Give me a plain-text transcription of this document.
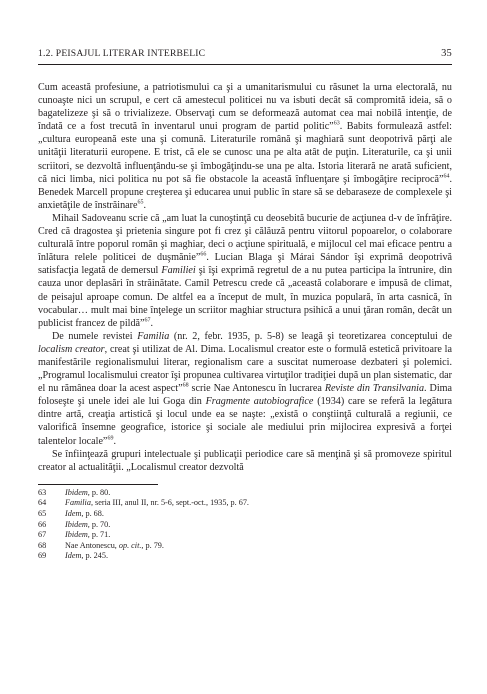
1.2. PEISAJUL LITERAR INTERBELIC	35

Cum această profesiune, a patriotismului ca şi a umanitarismului cu răsunet la urna electorală, nu cunoaşte nici un scrupul, e cert că amestecul politicei nu va isbuti decât să compromită ideia, să o bagatelizeze şi să o trivializeze. Observaţi cum se deformează automat cea mai nobilă intenţie, de îndată ce a fost trecută în inventarul unui program de partid politic”$^{63}$. Babits formulează astfel: „cultura europeană este una şi comună. Literaturile română şi maghiară sunt deopotrivă părţi ale unităţii literaturii europene. E trist, că ele se cunosc una pe alta atât de puţin. Literaturile, ca şi unii scriitori, se dezvoltă influenţându-se şi îmbogăţindu-se una pe alta. Istoria literară ne arată suficient, că nici limba, nici politica nu pot să fie obstacole la această înfluenţare şi îmbogăţire reciprocă”$^{64}$. Benedek Marcell propune creşterea şi educarea unui public în stare să se debaraseze de complexele şi anxietăţile de înstrăinare$^{65}$.

Mihail Sadoveanu scrie că „am luat la cunoştinţă cu deosebită bucurie de acţiunea d-v de înfrăţire. Cred că dragostea şi prietenia singure pot fi crez şi călăuză pentru viitorul popoarelor, o colaborare culturală între poporul român şi maghiar, deci o acţiune spirituală, e mijlocul cel mai eficace pentru a înlătura relele politicei de duşmănie”$^{66}$. Lucian Blaga şi Márai Sándor îşi exprimă deopotrivă satisfacţia legată de demersul Familiei şi îşi exprimă regretul de a nu putea participa la întrunire, din cauza unor deplasări în străinătate. Camil Petrescu crede că „această colaborare e impusă de climat, de peisajul aproape comun. De altfel ea a început de mult, în muzica populară, în arta casnică, în vocabular… mult mai bine înţelege un scriitor maghiar structura psihică a unui ţăran român, decât un publicist francez de pildă”$^{67}$.

De numele revistei Familia (nr. 2, febr. 1935, p. 5-8) se leagă şi teoretizarea conceptului de localism creator, creat şi utilizat de Al. Dima. Localismul creator este o formulă estetică privitoare la manifestările regionalismului literar, regionalism care a suscitat numeroase dezbateri şi polemici. „Programul localismului creator îşi propunea cultivarea virtuţilor tradiţiei după un plan sistematic, dar el nu rămânea doar la acest aspect”$^{68}$ scrie Nae Antonescu în lucrarea Reviste din Transilvania. Dima foloseşte şi unele idei ale lui Goga din Fragmente autobiografice (1934) care se referă la legătura dintre artă, creaţia artistică şi locul unde ea se naşte: „există o conştiinţă culturală a regiunii, ce valorifică însemne geografice, istorice şi sociale ale mediului prin mijlocirea expresivă a forţei talentelor locale”$^{69}$.

Se înfiinţează grupuri intelectuale şi publicaţii periodice care să menţină şi să promoveze spiritul creator al actualităţii. „Localismul creator dezvoltă

63	Ibidem, p. 80.
64	Familia, seria III, anul II, nr. 5-6, sept.-oct., 1935, p. 67.
65	Idem, p. 68.
66	Ibidem, p. 70.
67	Ibidem, p. 71.
68	Nae Antonescu, op. cit., p. 79.
69	Idem, p. 245.
